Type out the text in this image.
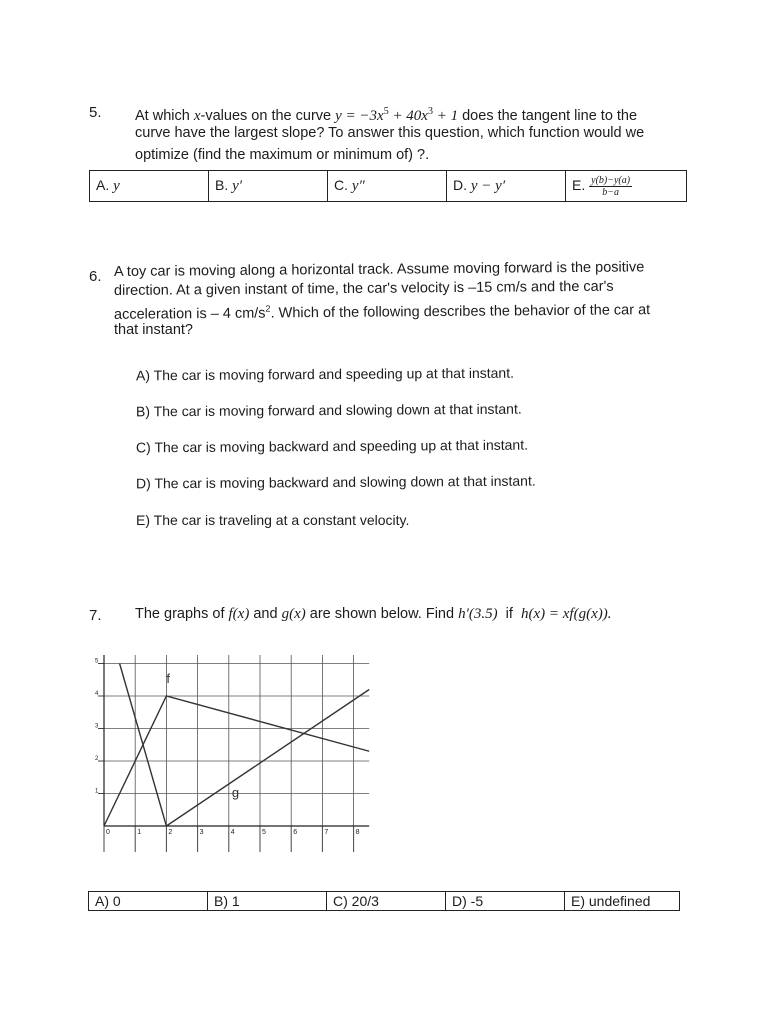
5. At which x-values on the curve $y = -3x^5 + 40x^3 + 1$ does the tangent line to the
curve have the largest slope? To answer this question, which function would we
optimize (find the maximum or minimum of) ?.
A. y	B. y′	C. y″	D. y − y′	E. $\frac{y(b)-y(a)}{b-a}$
6. A toy car is moving along a horizontal track. Assume moving forward is the positive
direction. At a given instant of time, the car's velocity is –15 cm/s and the car's
acceleration is – 4 $cm/s^2$. Which of the following describes the behavior of the car at
that instant?
A) The car is moving forward and speeding up at that instant.
B) The car is moving forward and slowing down at that instant.
C) The car is moving backward and speeding up at that instant.
D) The car is moving backward and slowing down at that instant.
E) The car is traveling at a constant velocity.
7. The graphs of f(x) and g(x) are shown below. Find h′(3.5)  if  h(x) = xf(g(x)).
0	1	2	3	4	5	6	7	8
1
2
3
4
5
f
g
A) 0	B) 1	C) 20/3	D) -5	E) undefined
